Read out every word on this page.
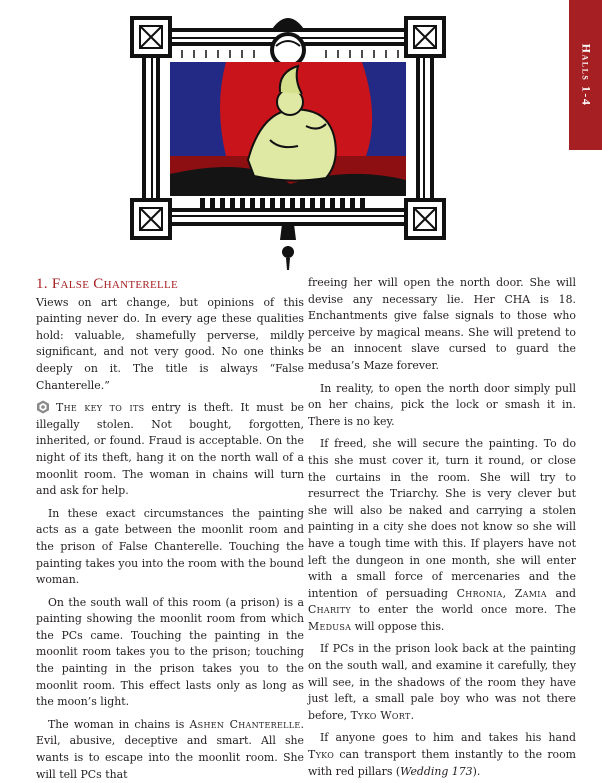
Halls 1-4
1. False Chanterelle

Views on art change, but opinions of this painting never do. In every age these qualities hold: valuable, shamefully perverse, mildly significant, and not very good. No one thinks deeply on it. The title is always “False Chanterelle.”

The key to its entry is theft. It must be illegally stolen. Not bought, forgotten, inherited, or found. Fraud is acceptable. On the night of its theft, hang it on the north wall of a moonlit room. The woman in chains will turn and ask for help.

In these exact circumstances the painting acts as a gate between the moonlit room and the prison of False Chanterelle. Touching the painting takes you into the room with the bound woman.

On the south wall of this room (a prison) is a painting showing the moonlit room from which the PCs came. Touching the painting in the moonlit room takes you to the prison; touching the painting in the prison takes you to the moonlit room. This effect lasts only as long as the moon’s light.

The woman in chains is Ashen Chanterelle. Evil, abusive, deceptive and smart. All she wants is to escape into the moonlit room. She will tell PCs that

freeing her will open the north door. She will devise any necessary lie. Her CHA is 18. Enchantments give false signals to those who perceive by magical means. She will pretend to be an innocent slave cursed to guard the medusa’s Maze forever.

In reality, to open the north door simply pull on her chains, pick the lock or smash it in. There is no key.

If freed, she will secure the painting. To do this she must cover it, turn it round, or close the curtains in the room. She will try to resurrect the Triarchy. She is very clever but she will also be naked and carrying a stolen painting in a city she does not know so she will have a tough time with this. If players have not left the dungeon in one month, she will enter with a small force of mercenaries and the intention of persuading Chronia, Zamia and Charity to enter the world once more. The Medusa will oppose this.

If PCs in the prison look back at the painting on the south wall, and examine it carefully, they will see, in the shadows of the room they have just left, a small pale boy who was not there before, Tyko Wort.

If anyone goes to him and takes his hand Tyko can transport them instantly to the room with red pillars (Wedding 173).
